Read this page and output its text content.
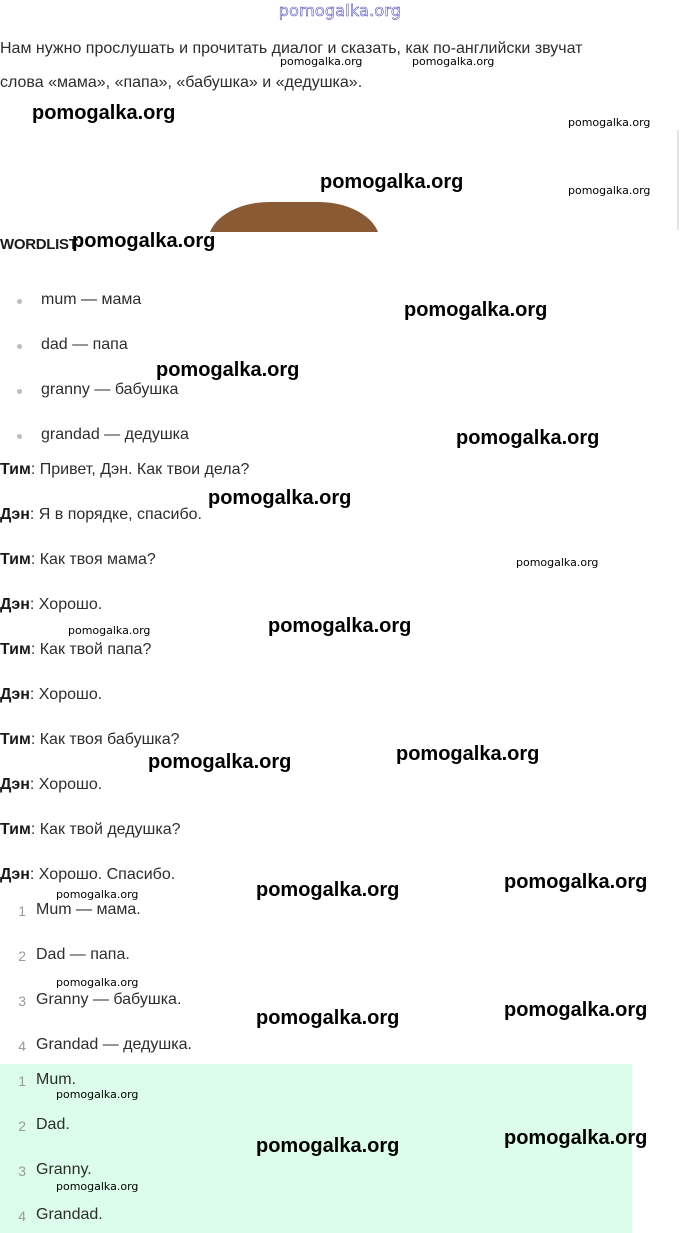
pomogalka.org

Нам нужно прослушать и прочитать диалог и сказать, как по-английски звучат

слова «мама», «папа», «бабушка» и «дедушка».

WORDLIST
mum — мама
dad — папа
granny — бабушка
grandad — дедушка
Тим: Привет, Дэн. Как твои дела?
Дэн: Я в порядке, спасибо.
Тим: Как твоя мама?
Дэн: Хорошо.
Тим: Как твой папа?
Дэн: Хорошо.
Тим: Как твоя бабушка?
Дэн: Хорошо.
Тим: Как твой дедушка?
Дэн: Хорошо. Спасибо.
1 Mum — мама.
2 Dad — папа.
3 Granny — бабушка.
4 Grandad — дедушка.
1 Mum.
2 Dad.
3 Granny.
4 Grandad.
pomogalka.org	pomogalka.org
pomogalka.org	pomogalka.org
pomogalka.org	pomogalka.org
pomogalka.org
pomogalka.org
pomogalka.org
pomogalka.org
pomogalka.org
pomogalka.org
pomogalka.org
pomogalka.org
pomogalka.org
pomogalka.org
pomogalka.org	pomogalka.org
pomogalka.org
pomogalka.org
pomogalka.org	pomogalka.org
pomogalka.org
pomogalka.org	pomogalka.org
pomogalka.org
